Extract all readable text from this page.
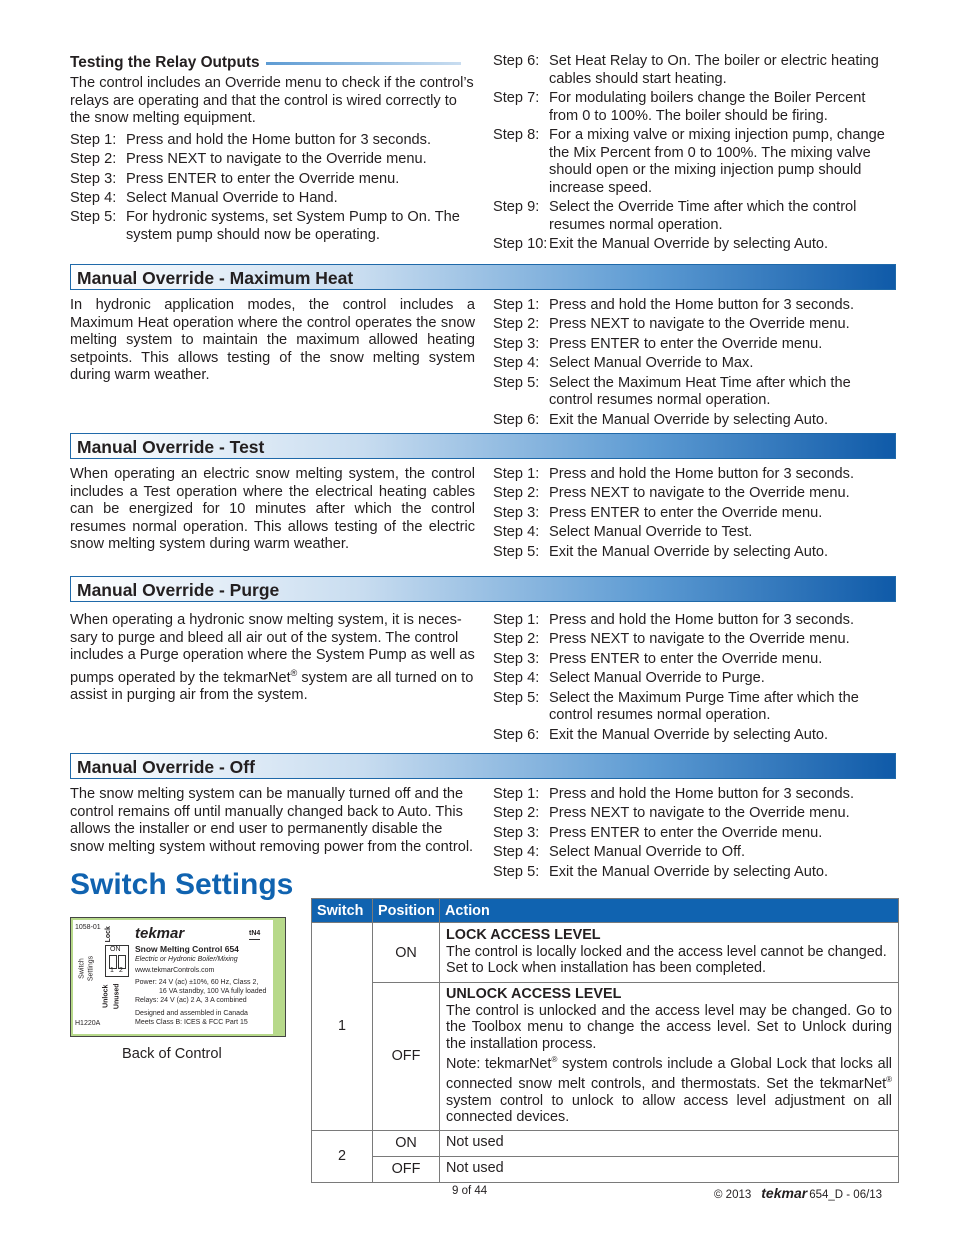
Testing the Relay Outputs

The control includes an Override menu to check if the control’s relays are operating and that the control is wired correctly to the snow melting equipment.

Step 1: Press and hold the Home button for 3 seconds.
Step 2: Press NEXT to navigate to the Override menu.
Step 3: Press ENTER to enter the Override menu.
Step 4: Select Manual Override to Hand.
Step 5: For hydronic systems, set System Pump to On. The system pump should now be operating.
Step 6: Set Heat Relay to On. The boiler or electric heating cables should start heating.
Step 7: For modulating boilers change the Boiler Percent from 0 to 100%. The boiler should be firing.
Step 8: For a mixing valve or mixing injection pump, change the Mix Percent from 0 to 100%. The mixing valve should open or the mixing injection pump should increase speed.
Step 9: Select the Override Time after which the control resumes normal operation.
Step 10: Exit the Manual Override by selecting Auto.
Manual Override - Maximum Heat

In hydronic application modes, the control includes a Maximum Heat operation where the control operates the snow melting system to maintain the maximum allowed heating setpoints. This allows testing of the snow melting system during warm weather.

Step 1: Press and hold the Home button for 3 seconds.
Step 2: Press NEXT to navigate to the Override menu.
Step 3: Press ENTER to enter the Override menu.
Step 4: Select Manual Override to Max.
Step 5: Select the Maximum Heat Time after which the control resumes normal operation.
Step 6: Exit the Manual Override by selecting Auto.
Manual Override - Test

When operating an electric snow melting system, the control includes a Test operation where the electrical heating cables can be energized for 10 minutes after which the control resumes normal operation. This allows testing of the electric snow melting system during warm weather.

Step 1: Press and hold the Home button for 3 seconds.
Step 2: Press NEXT to navigate to the Override menu.
Step 3: Press ENTER to enter the Override menu.
Step 4: Select Manual Override to Test.
Step 5: Exit the Manual Override by selecting Auto.
Manual Override - Purge

When operating a hydronic snow melting system, it is neces-sary to purge and bleed all air out of the system. The control includes a Purge operation where the System Pump as well as pumps operated by the tekmarNet® system are all turned on to assist in purging air from the system.

Step 1: Press and hold the Home button for 3 seconds.
Step 2: Press NEXT to navigate to the Override menu.
Step 3: Press ENTER to enter the Override menu.
Step 4: Select Manual Override to Purge.
Step 5: Select the Maximum Purge Time after which the control resumes normal operation.
Step 6: Exit the Manual Override by selecting Auto.
Manual Override - Off

The snow melting system can be manually turned off and the control remains off until manually changed back to Auto. This allows the installer or end user to permanently disable the snow melting system without removing power from the control.

Step 1: Press and hold the Home button for 3 seconds.
Step 2: Press NEXT to navigate to the Override menu.
Step 3: Press ENTER to enter the Override menu.
Step 4: Select Manual Override to Off.
Step 5: Exit the Manual Override by selecting Auto.
Switch Settings
1058-01
H1220A
Switch Settings
Lock
ON
1 2
Unlock Unused
tekmar	tN4
Snow Melting Control 654
Electric or Hydronic Boiler/Mixing
www.tekmarControls.com
Power: 24 V (ac) ±10%, 60 Hz, Class 2,
16 VA standby, 100 VA fully loaded
Relays: 24 V (ac) 2 A, 3 A combined
Designed and assembled in Canada
Meets Class B: ICES & FCC Part 15
Back of Control
Switch	Position	Action
1	ON	LOCK ACCESS LEVEL
The control is locally locked and the access level cannot be changed. Set to Lock when installation has been completed.

	OFF	UNLOCK ACCESS LEVEL
The control is unlocked and the access level may be changed. Go to the Toolbox menu to change the access level. Set to Unlock during the installation process.
Note: tekmarNet® system controls include a Global Lock that locks all connected snow melt controls, and thermostats. Set the tekmarNet® system control to unlock to allow access level adjustment on all connected devices.

2	ON	Not used
	OFF	Not used
9 of 44	© 2013 tekmar 654_D - 06/13
